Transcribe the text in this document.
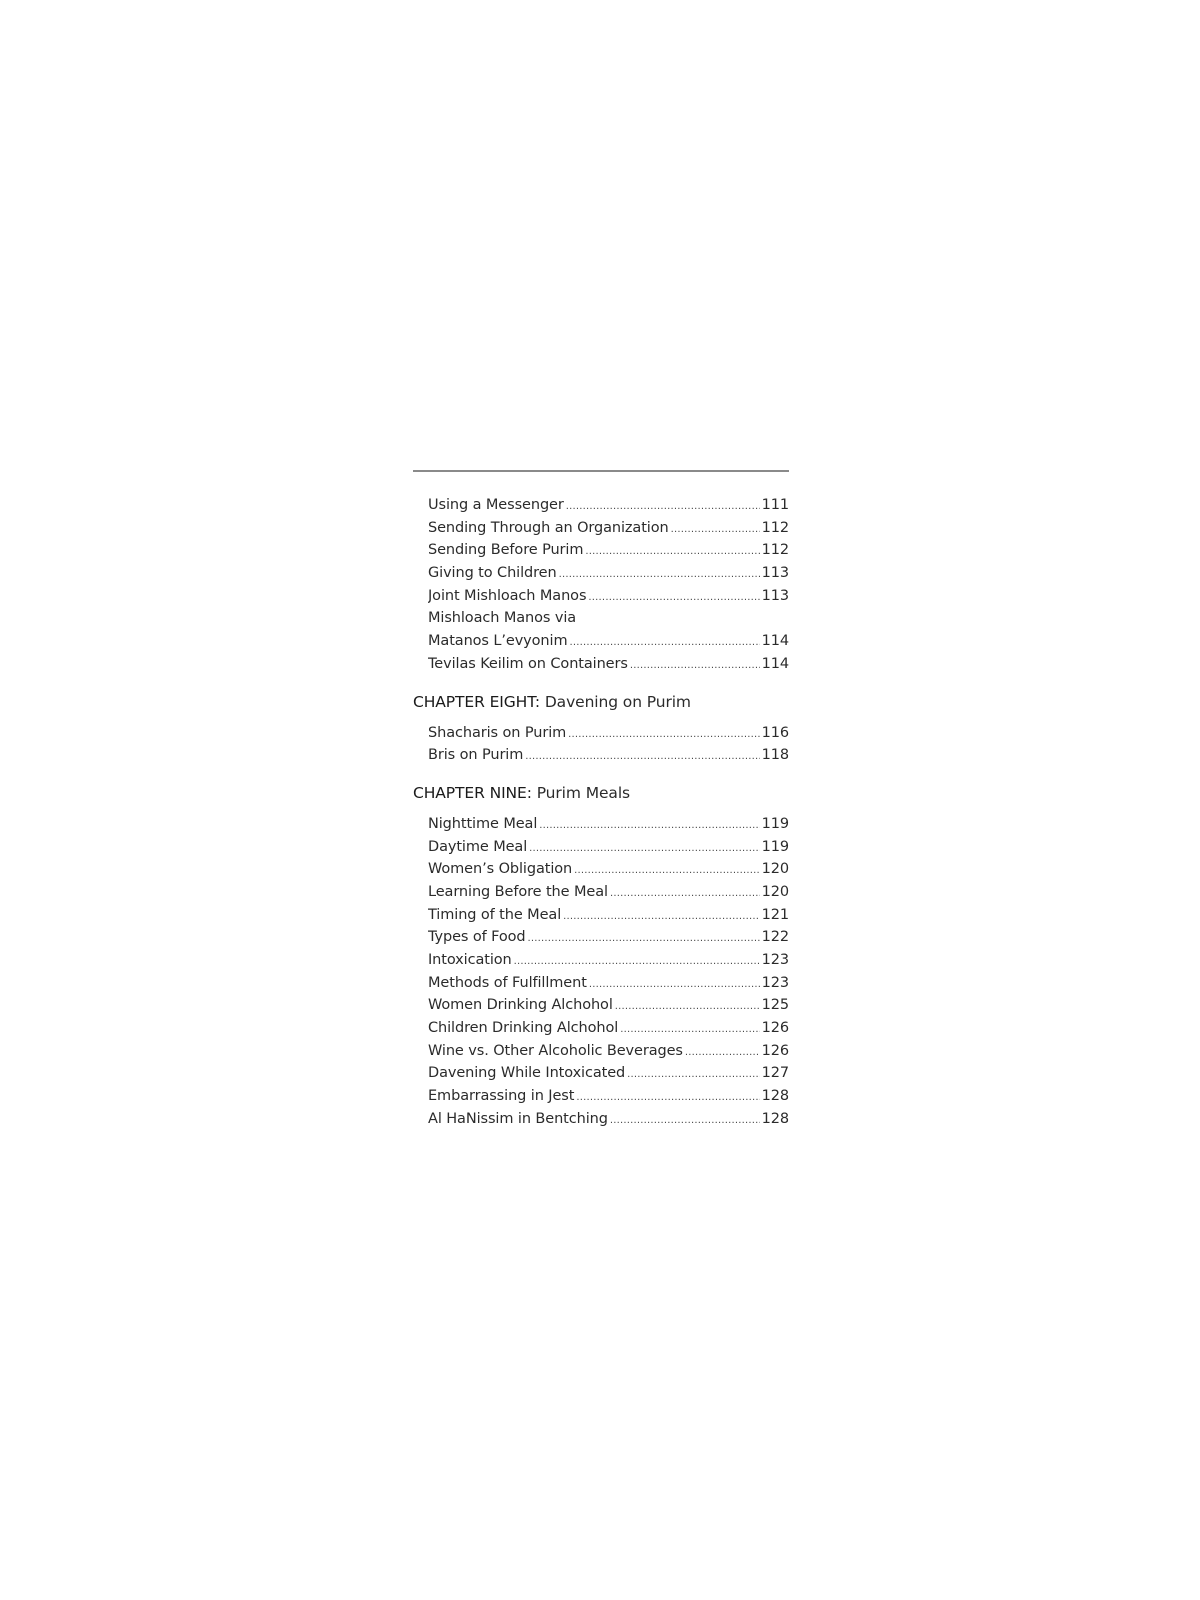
Using a Messenger .....	111
Sending Through an Organization .....	112
Sending Before Purim .....	112
Giving to Children .....	113
Joint Mishloach Manos .....	113
Mishloach Manos via
Matanos L’evyonim .....	114
Tevilas Keilim on Containers .....	114
CHAPTER EIGHT: Davening on Purim
Shacharis on Purim .....	116
Bris on Purim .....	118
CHAPTER NINE: Purim Meals
Nighttime Meal .....	119
Daytime Meal .....	119
Women’s Obligation .....	120
Learning Before the Meal .....	120
Timing of the Meal .....	121
Types of Food .....	122
Intoxication .....	123
Methods of Fulfillment .....	123
Women Drinking Alchohol .....	125
Children Drinking Alchohol .....	126
Wine vs. Other Alcoholic Beverages .....	126
Davening While Intoxicated .....	127
Embarrassing in Jest .....	128
Al HaNissim in Bentching .....	128
